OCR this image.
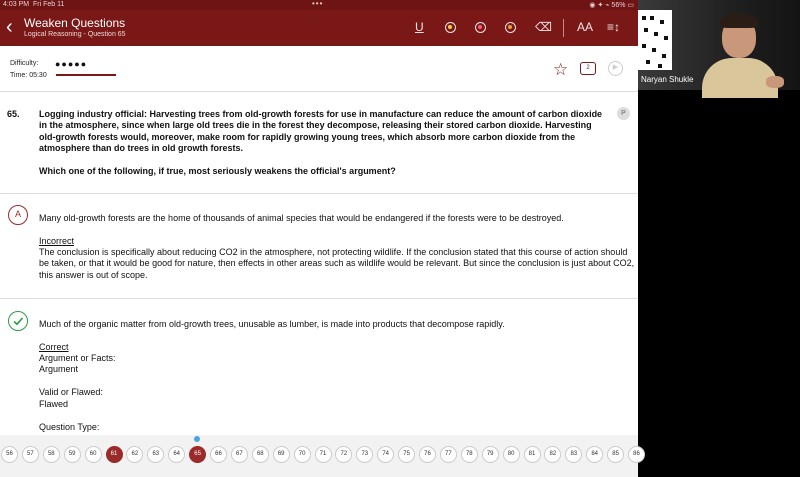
4:03 PM Fri Feb 11	•••	◉ ✦ ⌁ 56% ▭
‹ Weaken Questions
Logical Reasoning - Question 65
U	⌫ AA ≡↕
Difficulty: ●●●●●
Time: 05:30	☆	2	▶
65.	P
Logging industry official: Harvesting trees from old-growth forests for use in manufacture can reduce the amount of carbon dioxide in the atmosphere, since when large old trees die in the forest they decompose, releasing their stored carbon dioxide. Harvesting old-growth forests would, moreover, make room for rapidly growing young trees, which absorb more carbon dioxide from the atmosphere than do trees in old growth forests.
Which one of the following, if true, most seriously weakens the official's argument?
A	Many old-growth forests are the home of thousands of animal species that would be endangered if the forests were to be destroyed.
Incorrect
The conclusion is specifically about reducing CO2 in the atmosphere, not protecting wildlife. If the conclusion stated that this course of action should be taken, or that it would be good for nature, then effects in other areas such as wildlife would be relevant. But since the conclusion is just about CO2, this answer is out of scope.
Much of the organic matter from old-growth trees, unusable as lumber, is made into products that decompose rapidly.
Correct
Argument or Facts:
Argument
Valid or Flawed:
Flawed
Question Type:
56	57	58	59	60	61	62	63	64	65	66	67	68	69	70	71	72	73	74	75	76	77	78	79	80	81	82	83	84	85	86
Naryan Shukle
